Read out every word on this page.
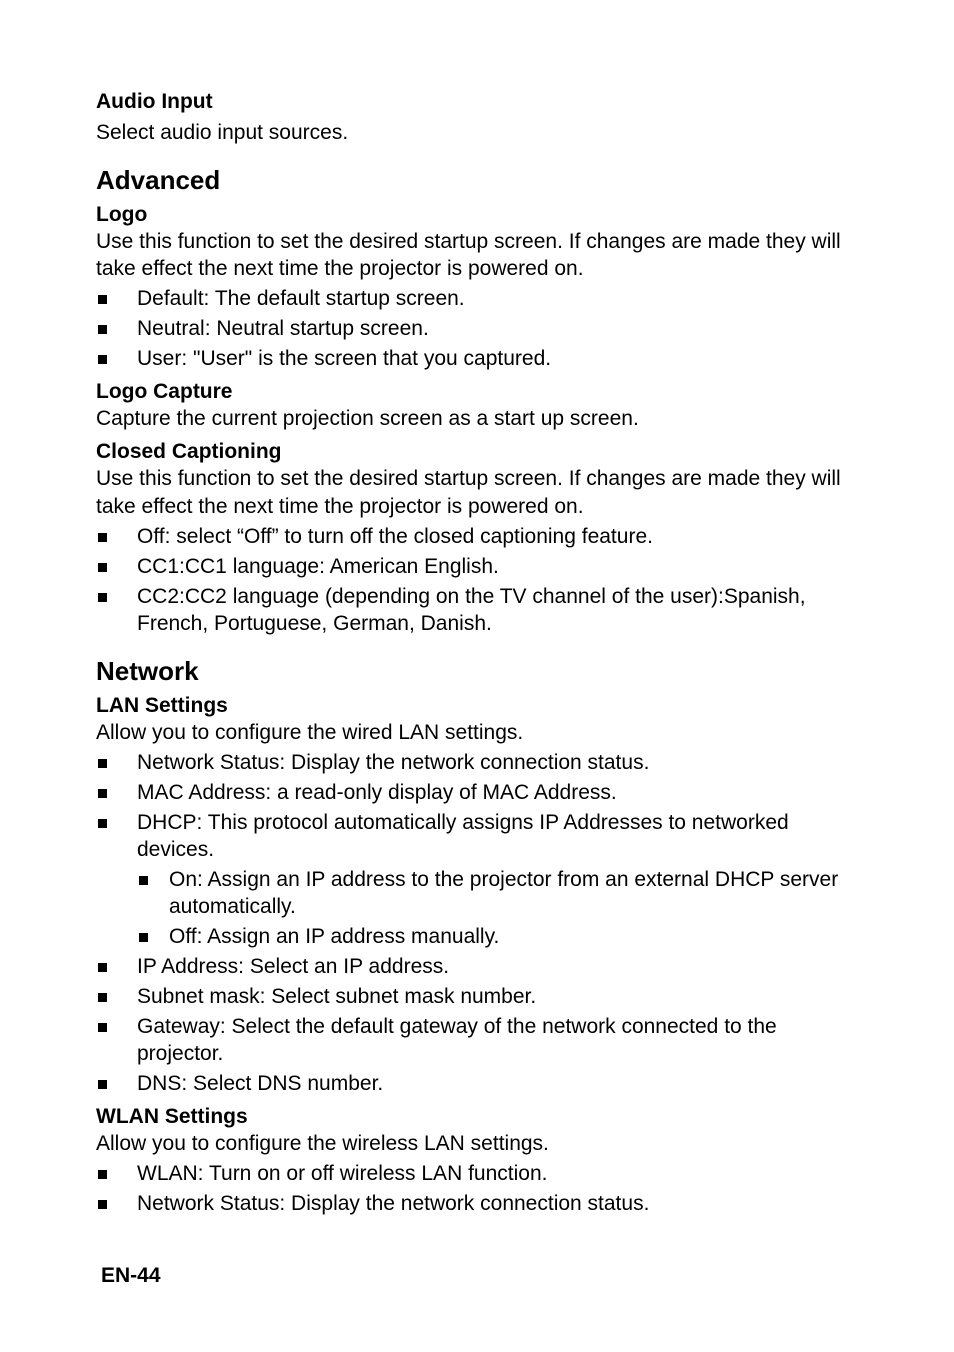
Audio Input
Select audio input sources.
Advanced
Logo
Use this function to set the desired startup screen. If changes are made they will take effect the next time the projector is powered on.
Default: The default startup screen.
Neutral: Neutral startup screen.
User: "User" is the screen that you captured.
Logo Capture
Capture the current projection screen as a start up screen.
Closed Captioning
Use this function to set the desired startup screen. If changes are made they will take effect the next time the projector is powered on.
Off: select “Off” to turn off the closed captioning feature.
CC1:CC1 language: American English.
CC2:CC2 language (depending on the TV channel of the user):Spanish, French, Portuguese, German, Danish.
Network
LAN Settings
Allow you to configure the wired LAN settings.
Network Status: Display the network connection status.
MAC Address: a read-only display of MAC Address.
DHCP: This protocol automatically assigns IP Addresses to networked devices.
On: Assign an IP address to the projector from an external DHCP server automatically.
Off: Assign an IP address manually.
IP Address: Select an IP address.
Subnet mask: Select subnet mask number.
Gateway: Select the default gateway of the network connected to the projector.
DNS: Select DNS number.
WLAN Settings
Allow you to configure the wireless LAN settings.
WLAN: Turn on or off wireless LAN function.
Network Status: Display the network connection status.
EN-44
